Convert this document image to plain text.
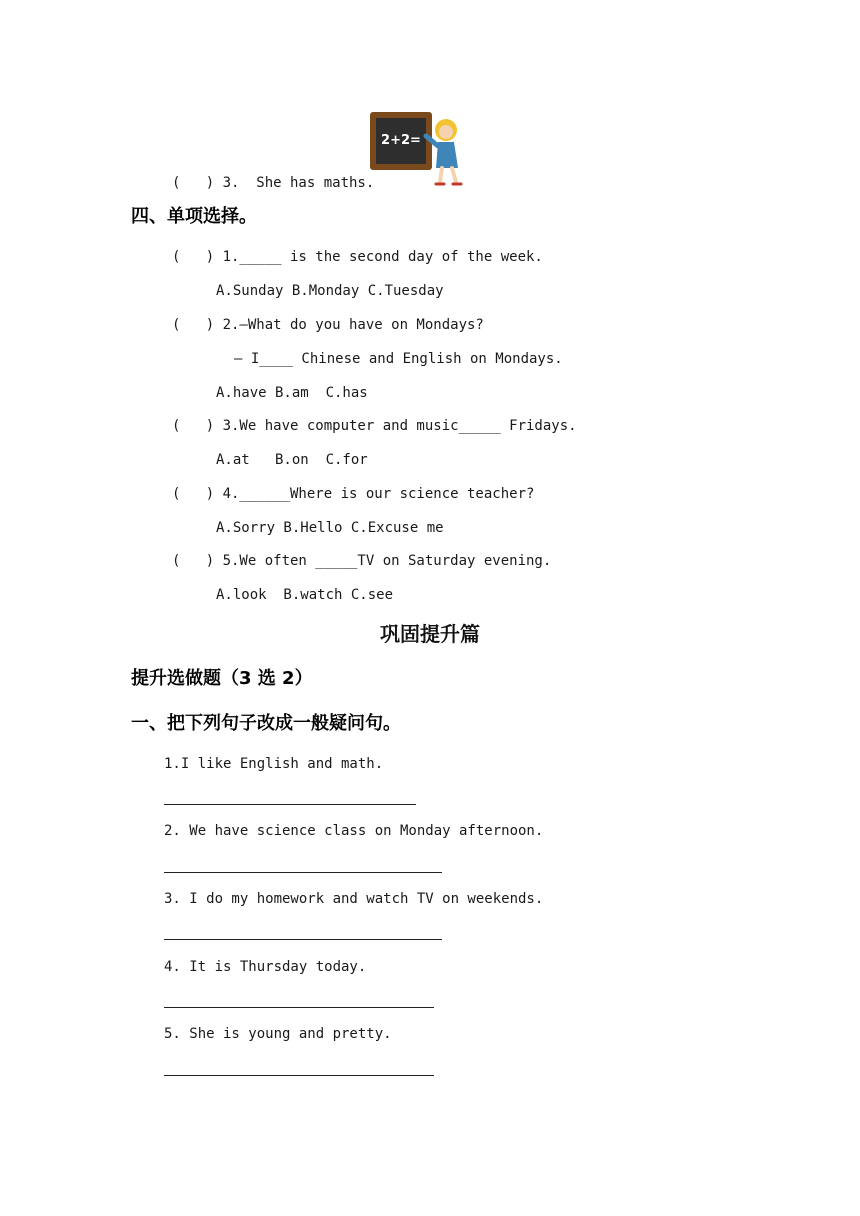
2+2=
(   ) 3.  She has maths.
四、单项选择。
(   ) 1._____ is the second day of the week.
A.Sunday B.Monday C.Tuesday
(   ) 2.—What do you have on Mondays?
— I____ Chinese and English on Mondays.
A.have B.am  C.has
(   ) 3.We have computer and music_____ Fridays.
A.at   B.on  C.for
(   ) 4.______Where is our science teacher?
A.Sorry B.Hello C.Excuse me
(   ) 5.We often _____TV on Saturday evening.
A.look  B.watch C.see
巩固提升篇
提升选做题（3 选 2）
一、把下列句子改成一般疑问句。
1.I like English and math.
2. We have science class on Monday afternoon.
3. I do my homework and watch TV on weekends.
4. It is Thursday today.
5. She is young and pretty.
